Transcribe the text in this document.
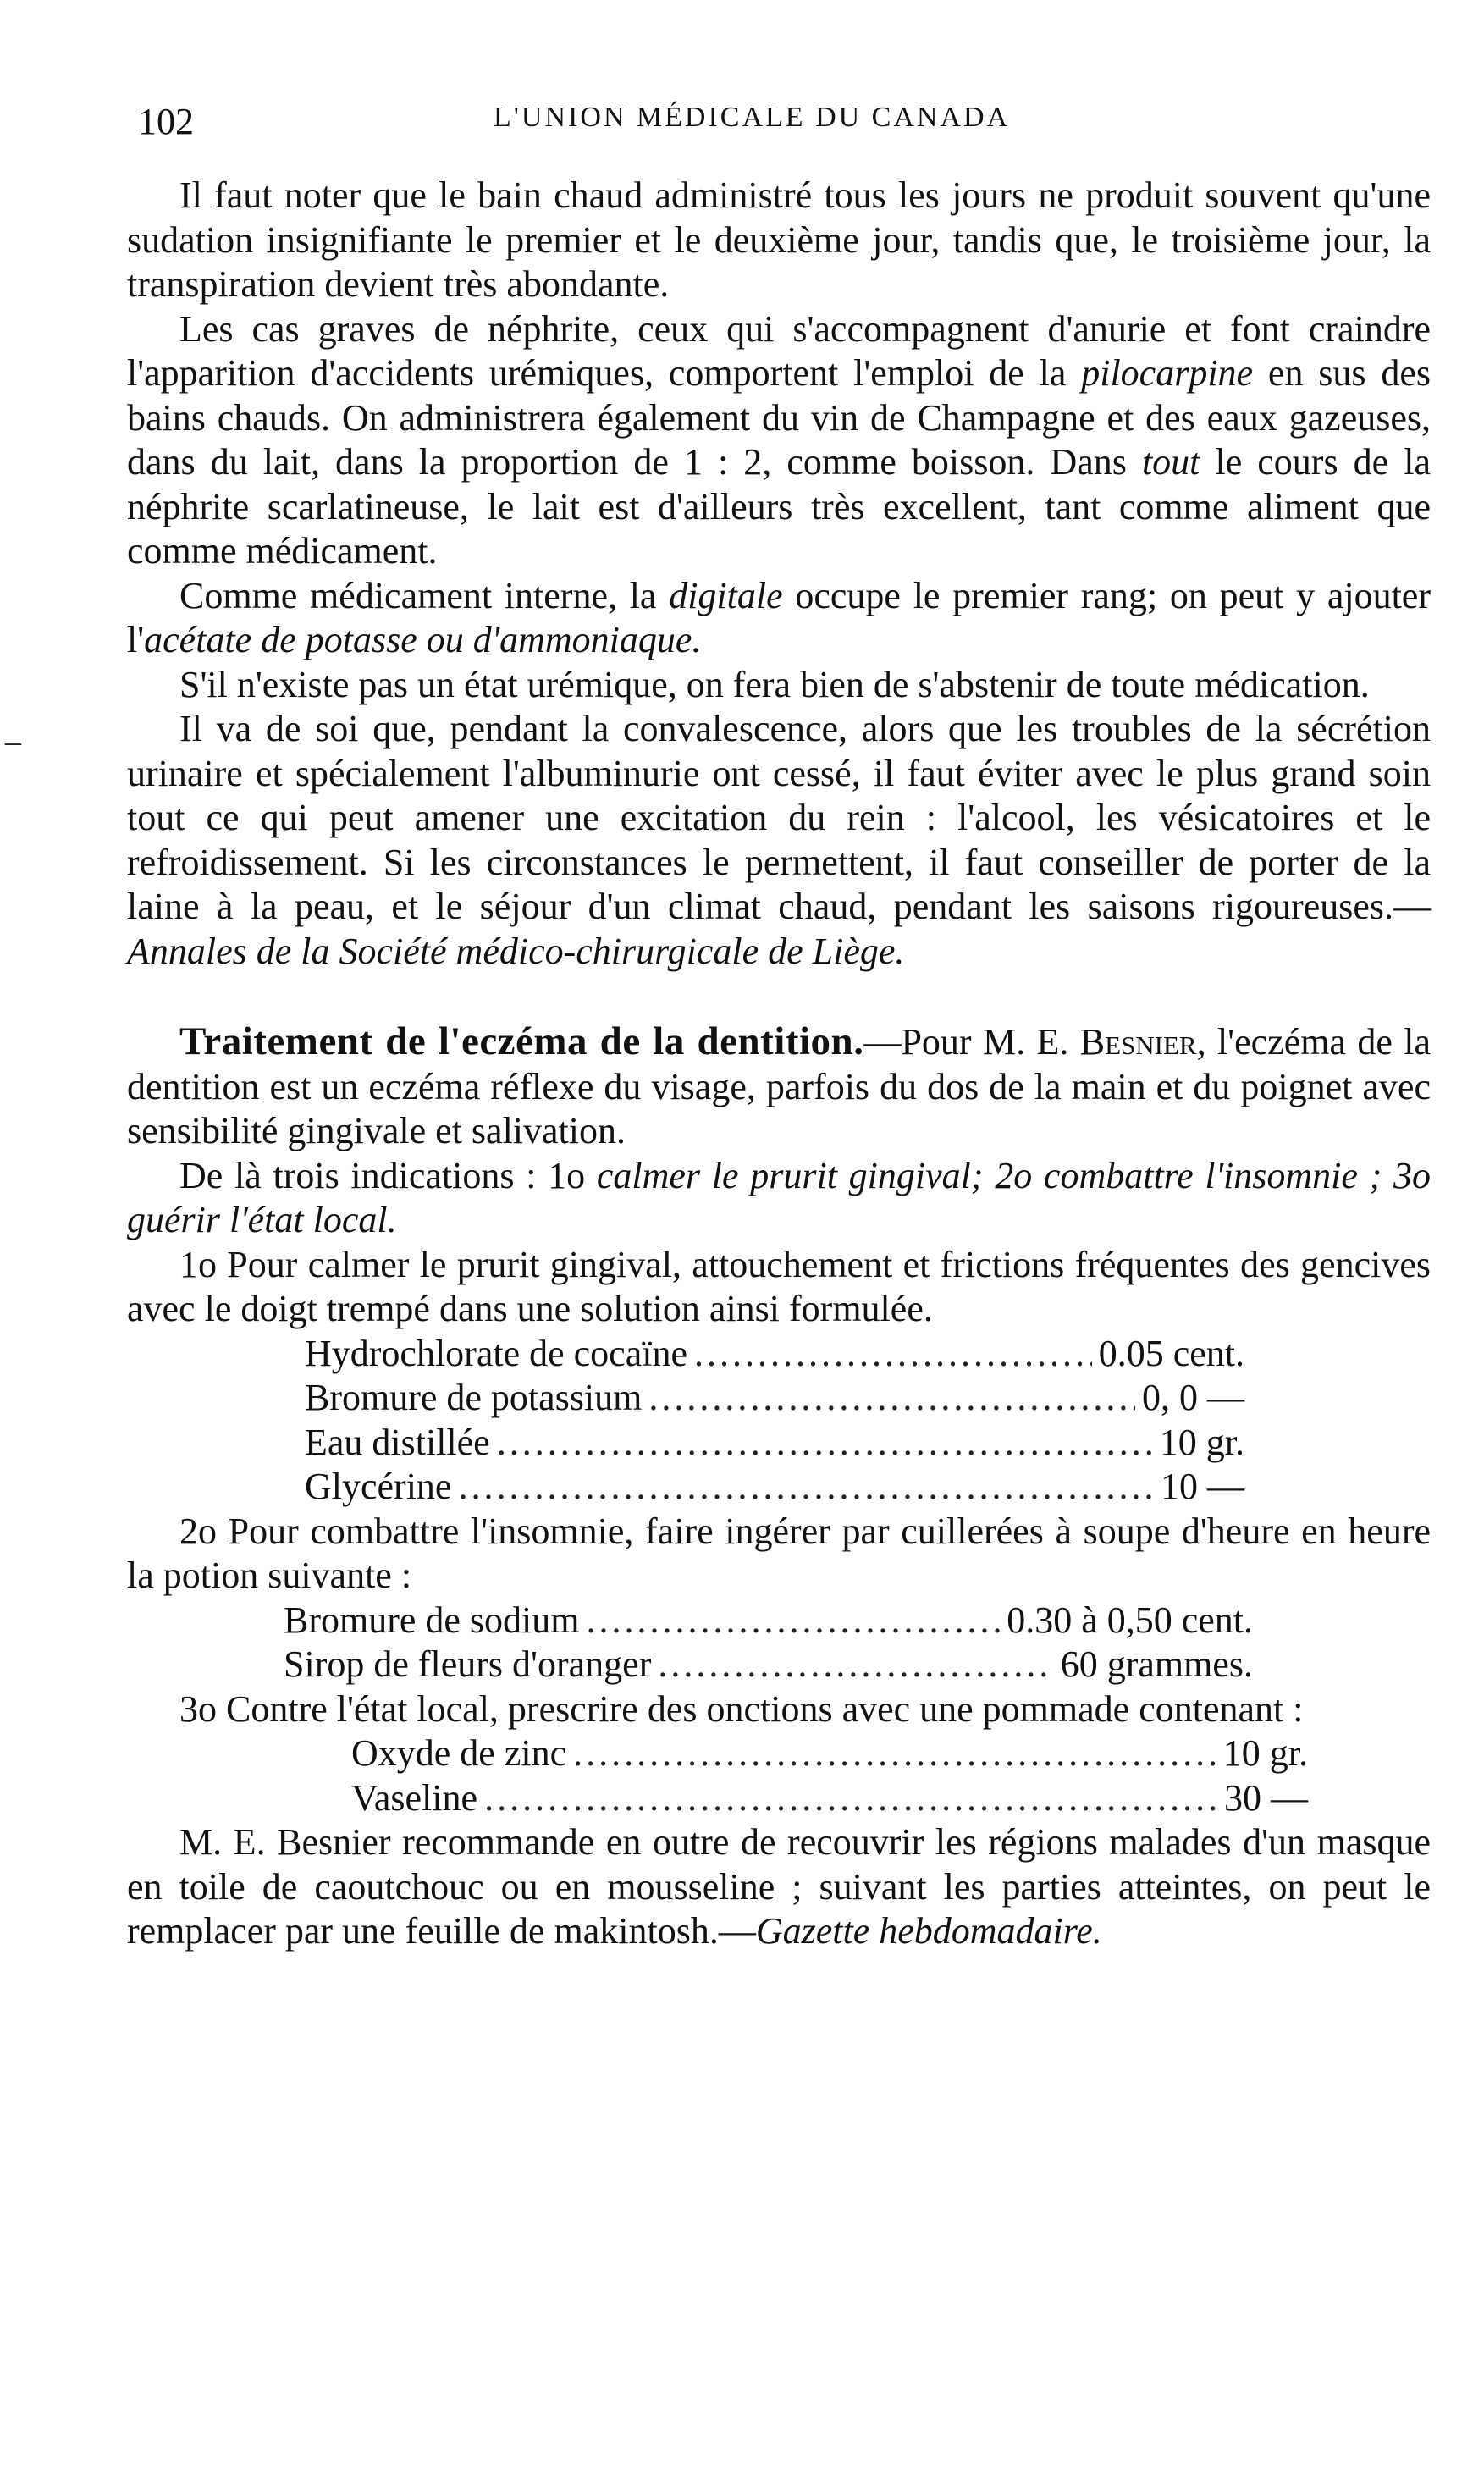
102	L'UNION MÉDICALE DU CANADA
–

Il faut noter que le bain chaud administré tous les jours ne produit souvent qu'une sudation insignifiante le premier et le deuxième jour, tandis que, le troisième jour, la transpiration devient très abondante.

Les cas graves de néphrite, ceux qui s'accompagnent d'anurie et font craindre l'apparition d'accidents urémiques, comportent l'emploi de la pilocarpine en sus des bains chauds. On administrera également du vin de Champagne et des eaux gazeuses, dans du lait, dans la proportion de 1 : 2, comme boisson. Dans tout le cours de la néphrite scarlatineuse, le lait est d'ailleurs très excellent, tant comme aliment que comme médicament.

Comme médicament interne, la digitale occupe le premier rang; on peut y ajouter l'acétate de potasse ou d'ammoniaque.

S'il n'existe pas un état urémique, on fera bien de s'abstenir de toute médication.

Il va de soi que, pendant la convalescence, alors que les troubles de la sécrétion urinaire et spécialement l'albuminurie ont cessé, il faut éviter avec le plus grand soin tout ce qui peut amener une excitation du rein : l'alcool, les vésicatoires et le refroidissement. Si les circonstances le permettent, il faut conseiller de porter de la laine à la peau, et le séjour d'un climat chaud, pendant les saisons rigoureuses.—Annales de la Société médico-chirurgicale de Liège.

Traitement de l'eczéma de la dentition.—Pour M. E. Besnier, l'eczéma de la dentition est un eczéma réflexe du visage, parfois du dos de la main et du poignet avec sensibilité gingivale et salivation.

De là trois indications : 1o calmer le prurit gingival; 2o combattre l'insomnie ; 3o guérir l'état local.

1o Pour calmer le prurit gingival, attouchement et frictions fréquentes des gencives avec le doigt trempé dans une solution ainsi formulée.

Hydrochlorate de cocaïne .....	0.05 cent.
Bromure de potassium .....	0, 0 —
Eau distillée .....	10 gr.
Glycérine .....	10 —

2o Pour combattre l'insomnie, faire ingérer par cuillerées à soupe d'heure en heure la potion suivante :

Bromure de sodium .....	0.30 à 0,50 cent.
Sirop de fleurs d'oranger .....	60 grammes.

3o Contre l'état local, prescrire des onctions avec une pommade contenant :

Oxyde de zinc .....	10 gr.
Vaseline .....	30 —

M. E. Besnier recommande en outre de recouvrir les régions malades d'un masque en toile de caoutchouc ou en mousseline ; suivant les parties atteintes, on peut le remplacer par une feuille de makintosh.—Gazette hebdomadaire.
